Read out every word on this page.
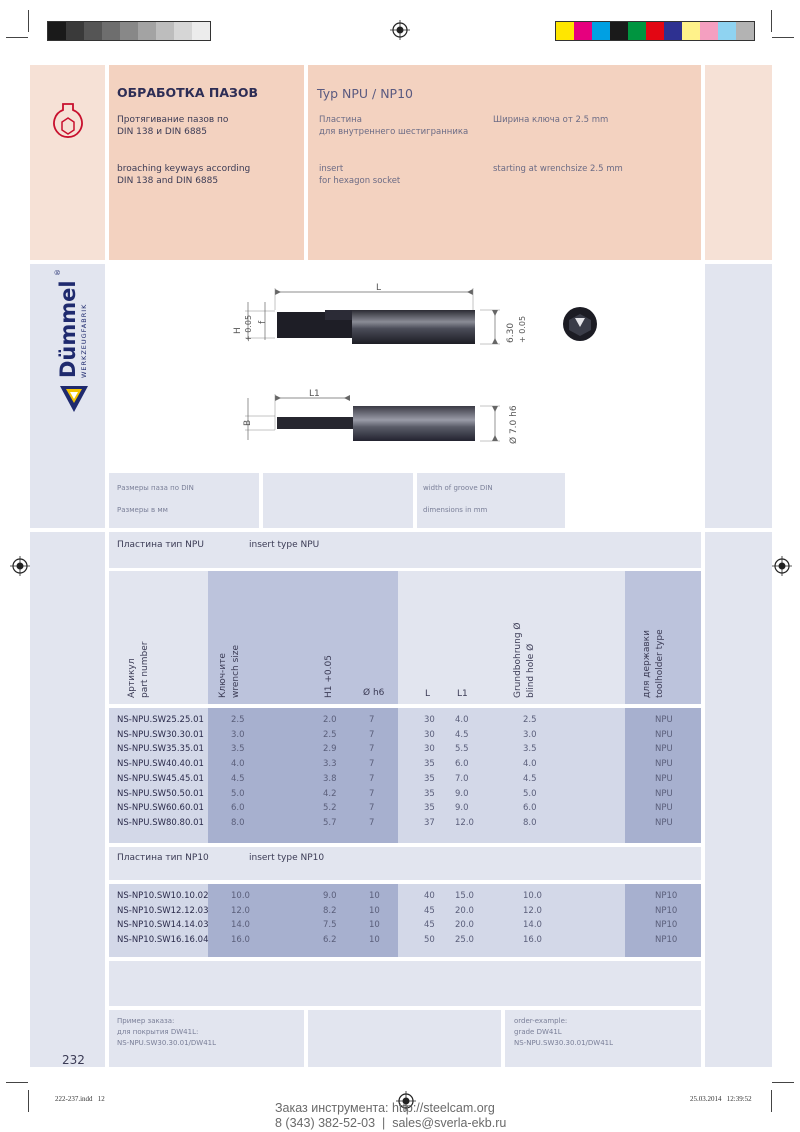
ОБРАБОТКА ПАЗОВ
Протягивание пазов по
DIN 138 и DIN 6885
broaching keyways according
DIN 138 and DIN 6885
Typ NPU / NP10
Пластина
для внутреннего шестигранника
Ширина ключа от 2.5 mm
insert
for hexagon socket
starting at wrenchsize 2.5 mm
Dümmel WERKZEUGFABRIK
®
L
L1
H + 0.05 f
B
6.30 + 0.05
Ø 7.0 h6
Размеры паза по DIN
Размеры в мм
width of groove DIN
dimensions in mm
Пластина тип NPU	insert type NPU
Артикул part number	Ключ-ите wrench size	H1 +0.05	Ø h6	L	L1	Grundbohrung Ø blind hole Ø	для державки toolholder type
NS-NPU.SW25.25.01	2.5	2.0	7	30 4.0	2.5	NPU
NS-NPU.SW30.30.01	3.0	2.5	7	30 4.5	3.0	NPU
NS-NPU.SW35.35.01	3.5	2.9	7	30 5.5	3.5	NPU
NS-NPU.SW40.40.01	4.0	3.3	7	35 6.0	4.0	NPU
NS-NPU.SW45.45.01	4.5	3.8	7	35 7.0	4.5	NPU
NS-NPU.SW50.50.01	5.0	4.2	7	35 9.0	5.0	NPU
NS-NPU.SW60.60.01	6.0	5.2	7	35 9.0	6.0	NPU
NS-NPU.SW80.80.01	8.0	5.7	7	37 12.0	8.0	NPU
Пластина тип NP10	insert type NP10
NS-NP10.SW10.10.02	10.0	9.0	10	40 15.0	10.0	NP10
NS-NP10.SW12.12.03	12.0	8.2	10	45 20.0	12.0	NP10
NS-NP10.SW14.14.03	14.0	7.5	10	45 20.0	14.0	NP10
NS-NP10.SW16.16.04	16.0	6.2	10	50 25.0	16.0	NP10
Пример заказа:
для покрытия DW41L:
NS-NPU.SW30.30.01/DW41L
order-example:
grade DW41L
NS-NPU.SW30.30.01/DW41L
232
222-237.indd   12	25.03.2014   12:39:52
Заказ инструмента: http://steelcam.org
8 (343) 382-52-03  |  sales@sverla-ekb.ru
